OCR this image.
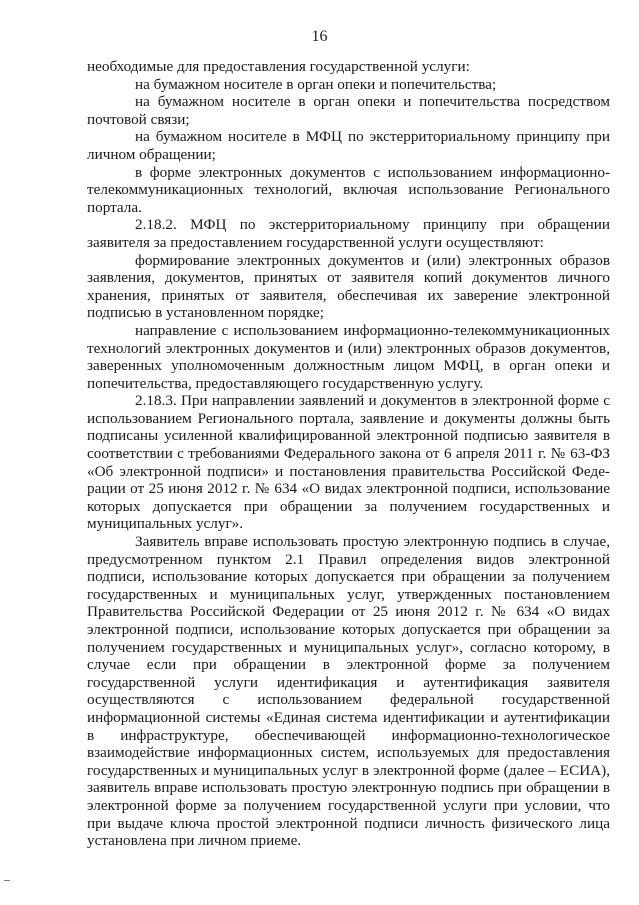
16

необходимые для предоставления государственной услуги:

на бумажном носителе в орган опеки и попечительства;

на бумажном носителе в орган опеки и попечительства посредством почтовой связи;

на бумажном носителе в МФЦ по экстерриториальному принципу при личном обращении;

в форме электронных документов с использованием информационно-телекоммуникационных технологий, включая использование Регионального портала.

2.18.2. МФЦ по экстерриториальному принципу при обращении заявителя за предоставлением государственной услуги осуществляют:

формирование электронных документов и (или) электронных образов заявления, документов, принятых от заявителя копий документов личного хранения, принятых от заявителя, обеспечивая их заверение электронной подписью в установленном порядке;

направление с использованием информационно-телекоммуникационных технологий электронных документов и (или) электронных образов документов, заверенных уполномоченным должностным лицом МФЦ, в орган опеки и попечительства, предоставляющего государственную услугу.

2.18.3. При направлении заявлений и документов в электронной форме с использованием Регионального портала, заявление и документы должны быть подписаны усиленной квалифицированной электронной подписью заявителя в соответствии с требованиями Федерального закона от 6 апреля 2011 г. № 63-ФЗ «Об электронной подписи» и постановления правительства Российской Феде-рации от 25 июня 2012 г. № 634 «О видах электронной подписи, использование которых допускается при обращении за получением государственных и муниципальных услуг».

Заявитель вправе использовать простую электронную подпись в случае, предусмотренном пунктом 2.1 Правил определения видов электронной подписи, использование которых допускается при обращении за получением государственных и муниципальных услуг, утвержденных постановлением Правительства Российской Федерации от 25 июня 2012 г. № 634 «О видах электронной подписи, использование которых допускается при обращении за получением государственных и муниципальных услуг», согласно которому, в случае если при обращении в электронной форме за получением государственной услуги идентификация и аутентификация заявителя осуществляются с использованием федеральной государственной информационной системы «Единая система идентификации и аутентификации в инфраструктуре, обеспечивающей информационно-технологическое взаимодействие информационных систем, используемых для предоставления государственных и муниципальных услуг в электронной форме (далее – ЕСИА), заявитель вправе использовать простую электронную подпись при обращении в электронной форме за получением государственной услуги при условии, что при выдаче ключа простой электронной подписи личность физического лица установлена при личном приеме.
